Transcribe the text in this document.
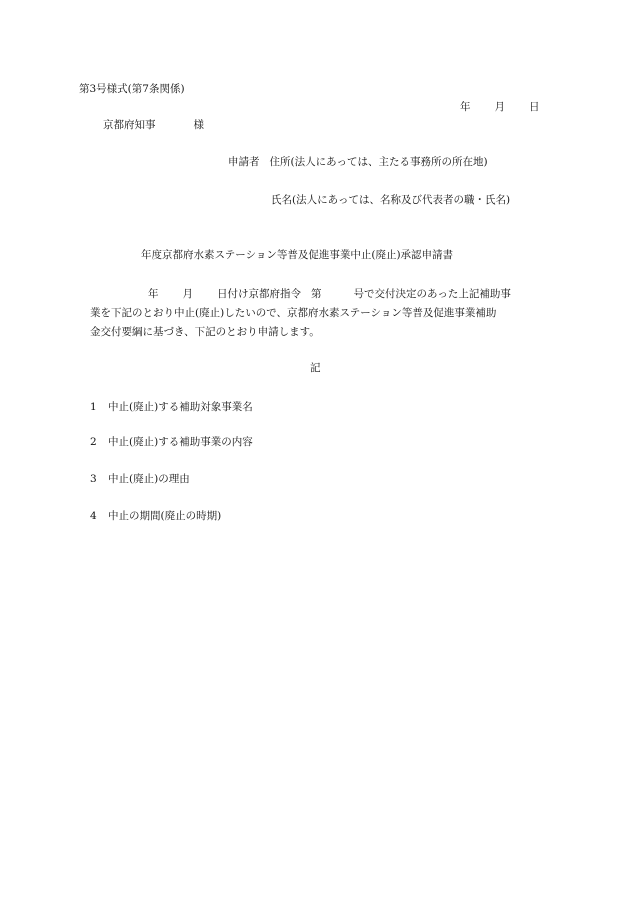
第3号様式(第7条関係)
年 月 日
京都府知事	様
申請者 住所(法人にあっては、主たる事務所の所在地)
氏名(法人にあっては、名称及び代表者の職・氏名)
年度京都府水素ステーション等普及促進事業中止(廃止)承認申請書
年 月 日付け京都府指令 第	号で交付決定のあった上記補助事
業を下記のとおり中止(廃止)したいので、京都府水素ステーション等普及促進事業補助
金交付要綱に基づき、下記のとおり申請します。
記
1 中止(廃止)する補助対象事業名
2 中止(廃止)する補助事業の内容
3 中止(廃止)の理由
4 中止の期間(廃止の時期)
